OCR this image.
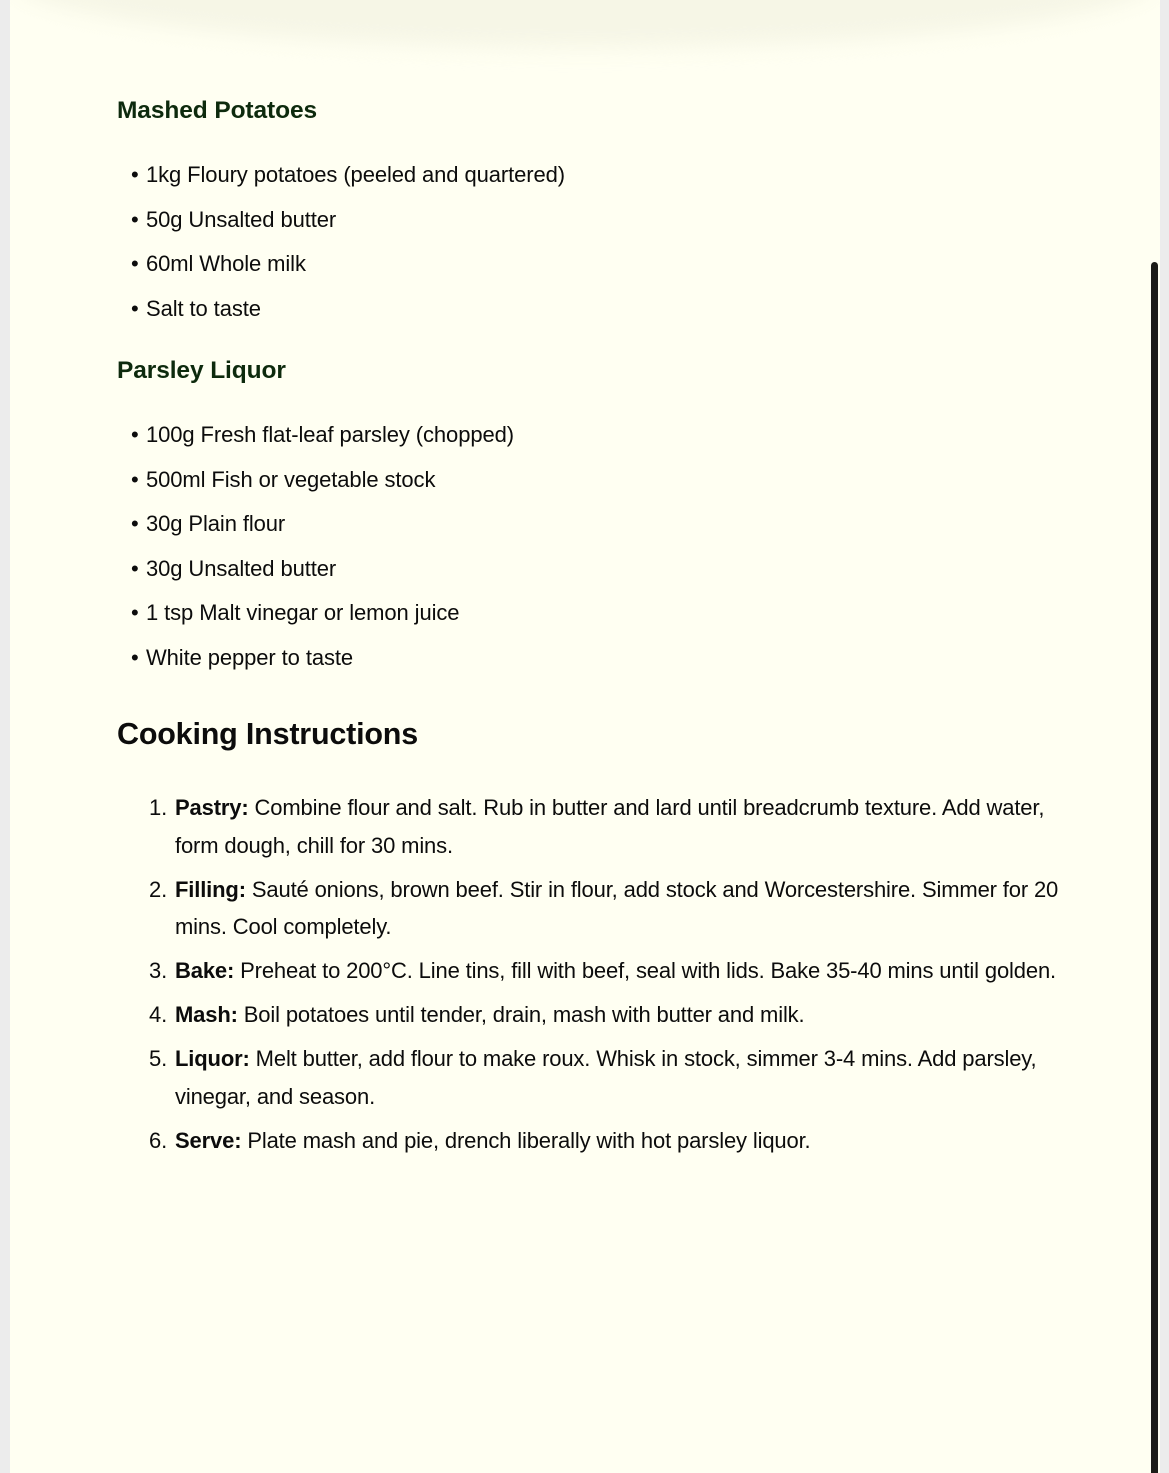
Mashed Potatoes
• 1kg Floury potatoes (peeled and quartered)
• 50g Unsalted butter
• 60ml Whole milk
• Salt to taste
Parsley Liquor
• 100g Fresh flat-leaf parsley (chopped)
• 500ml Fish or vegetable stock
• 30g Plain flour
• 30g Unsalted butter
• 1 tsp Malt vinegar or lemon juice
• White pepper to taste
Cooking Instructions
1. Pastry: Combine flour and salt. Rub in butter and lard until breadcrumb texture. Add water, form dough, chill for 30 mins.
2. Filling: Sauté onions, brown beef. Stir in flour, add stock and Worcestershire. Simmer for 20 mins. Cool completely.
3. Bake: Preheat to 200°C. Line tins, fill with beef, seal with lids. Bake 35-40 mins until golden.
4. Mash: Boil potatoes until tender, drain, mash with butter and milk.
5. Liquor: Melt butter, add flour to make roux. Whisk in stock, simmer 3-4 mins. Add parsley, vinegar, and season.
6. Serve: Plate mash and pie, drench liberally with hot parsley liquor.
